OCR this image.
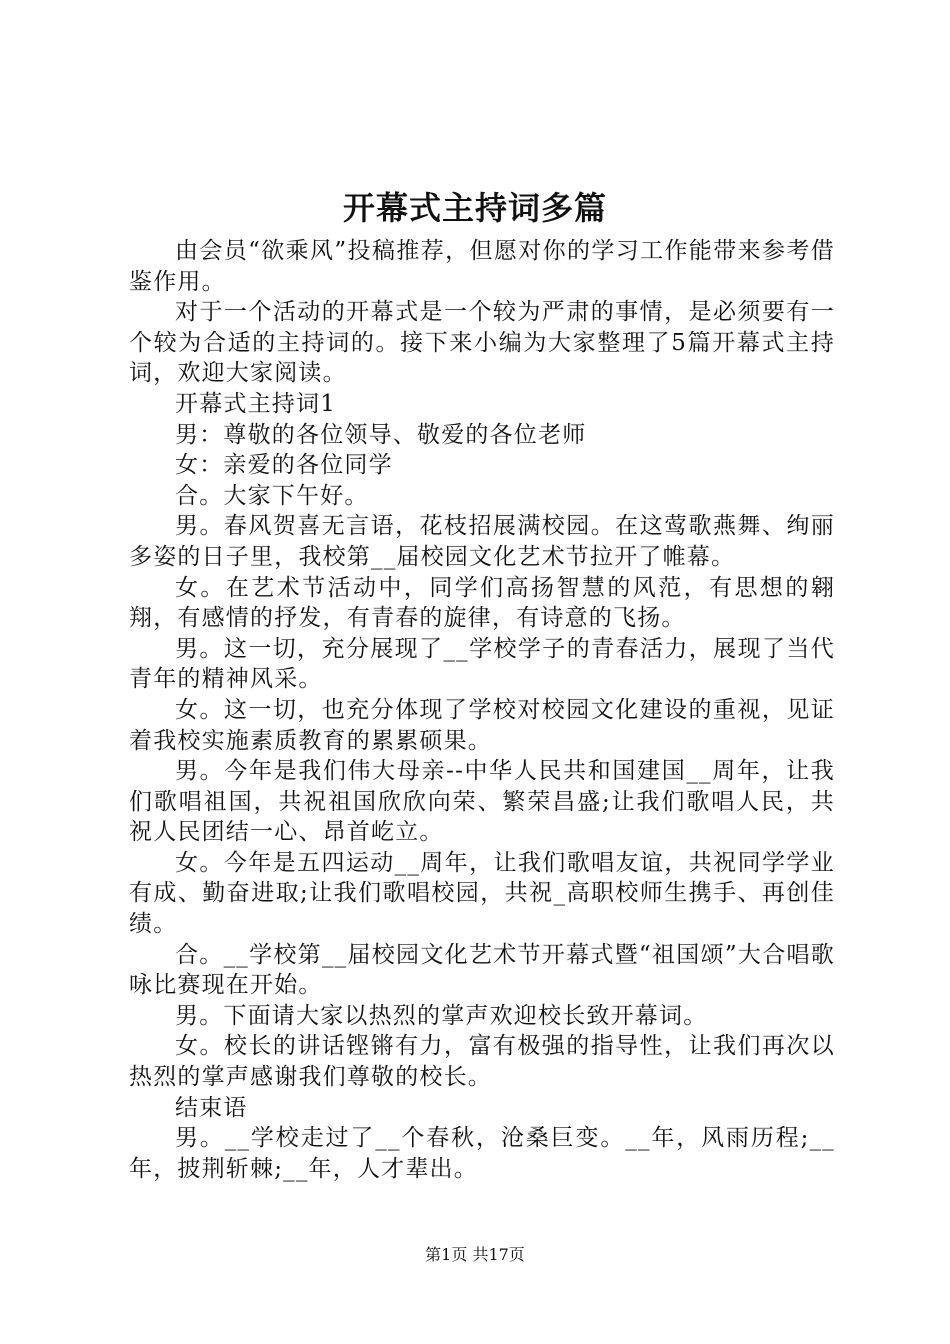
开幕式主持词多篇

由会员“欲乘风”投稿推荐，但愿对你的学习工作能带来参考借鉴作用。

对于一个活动的开幕式是一个较为严肃的事情，是必须要有一个较为合适的主持词的。接下来小编为大家整理了5篇开幕式主持词，欢迎大家阅读。

开幕式主持词1

男：尊敬的各位领导、敬爱的各位老师

女：亲爱的各位同学

合。大家下午好。

男。春风贺喜无言语，花枝招展满校园。在这莺歌燕舞、绚丽多姿的日子里，我校第__届校园文化艺术节拉开了帷幕。

女。在艺术节活动中，同学们高扬智慧的风范，有思想的翱翔，有感情的抒发，有青春的旋律，有诗意的飞扬。

男。这一切，充分展现了__学校学子的青春活力，展现了当代青年的精神风采。

女。这一切，也充分体现了学校对校园文化建设的重视，见证着我校实施素质教育的累累硕果。

男。今年是我们伟大母亲--中华人民共和国建国__周年，让我们歌唱祖国，共祝祖国欣欣向荣、繁荣昌盛;让我们歌唱人民，共祝人民团结一心、昂首屹立。

女。今年是五四运动__周年，让我们歌唱友谊，共祝同学学业有成、勤奋进取;让我们歌唱校园，共祝_高职校师生携手、再创佳绩。

合。__学校第__届校园文化艺术节开幕式暨“祖国颂”大合唱歌咏比赛现在开始。

男。下面请大家以热烈的掌声欢迎校长致开幕词。

女。校长的讲话铿锵有力，富有极强的指导性，让我们再次以热烈的掌声感谢我们尊敬的校长。

结束语

男。__学校走过了__个春秋，沧桑巨变。__年，风雨历程;__年，披荆斩棘;__年，人才辈出。

第1页 共17页
